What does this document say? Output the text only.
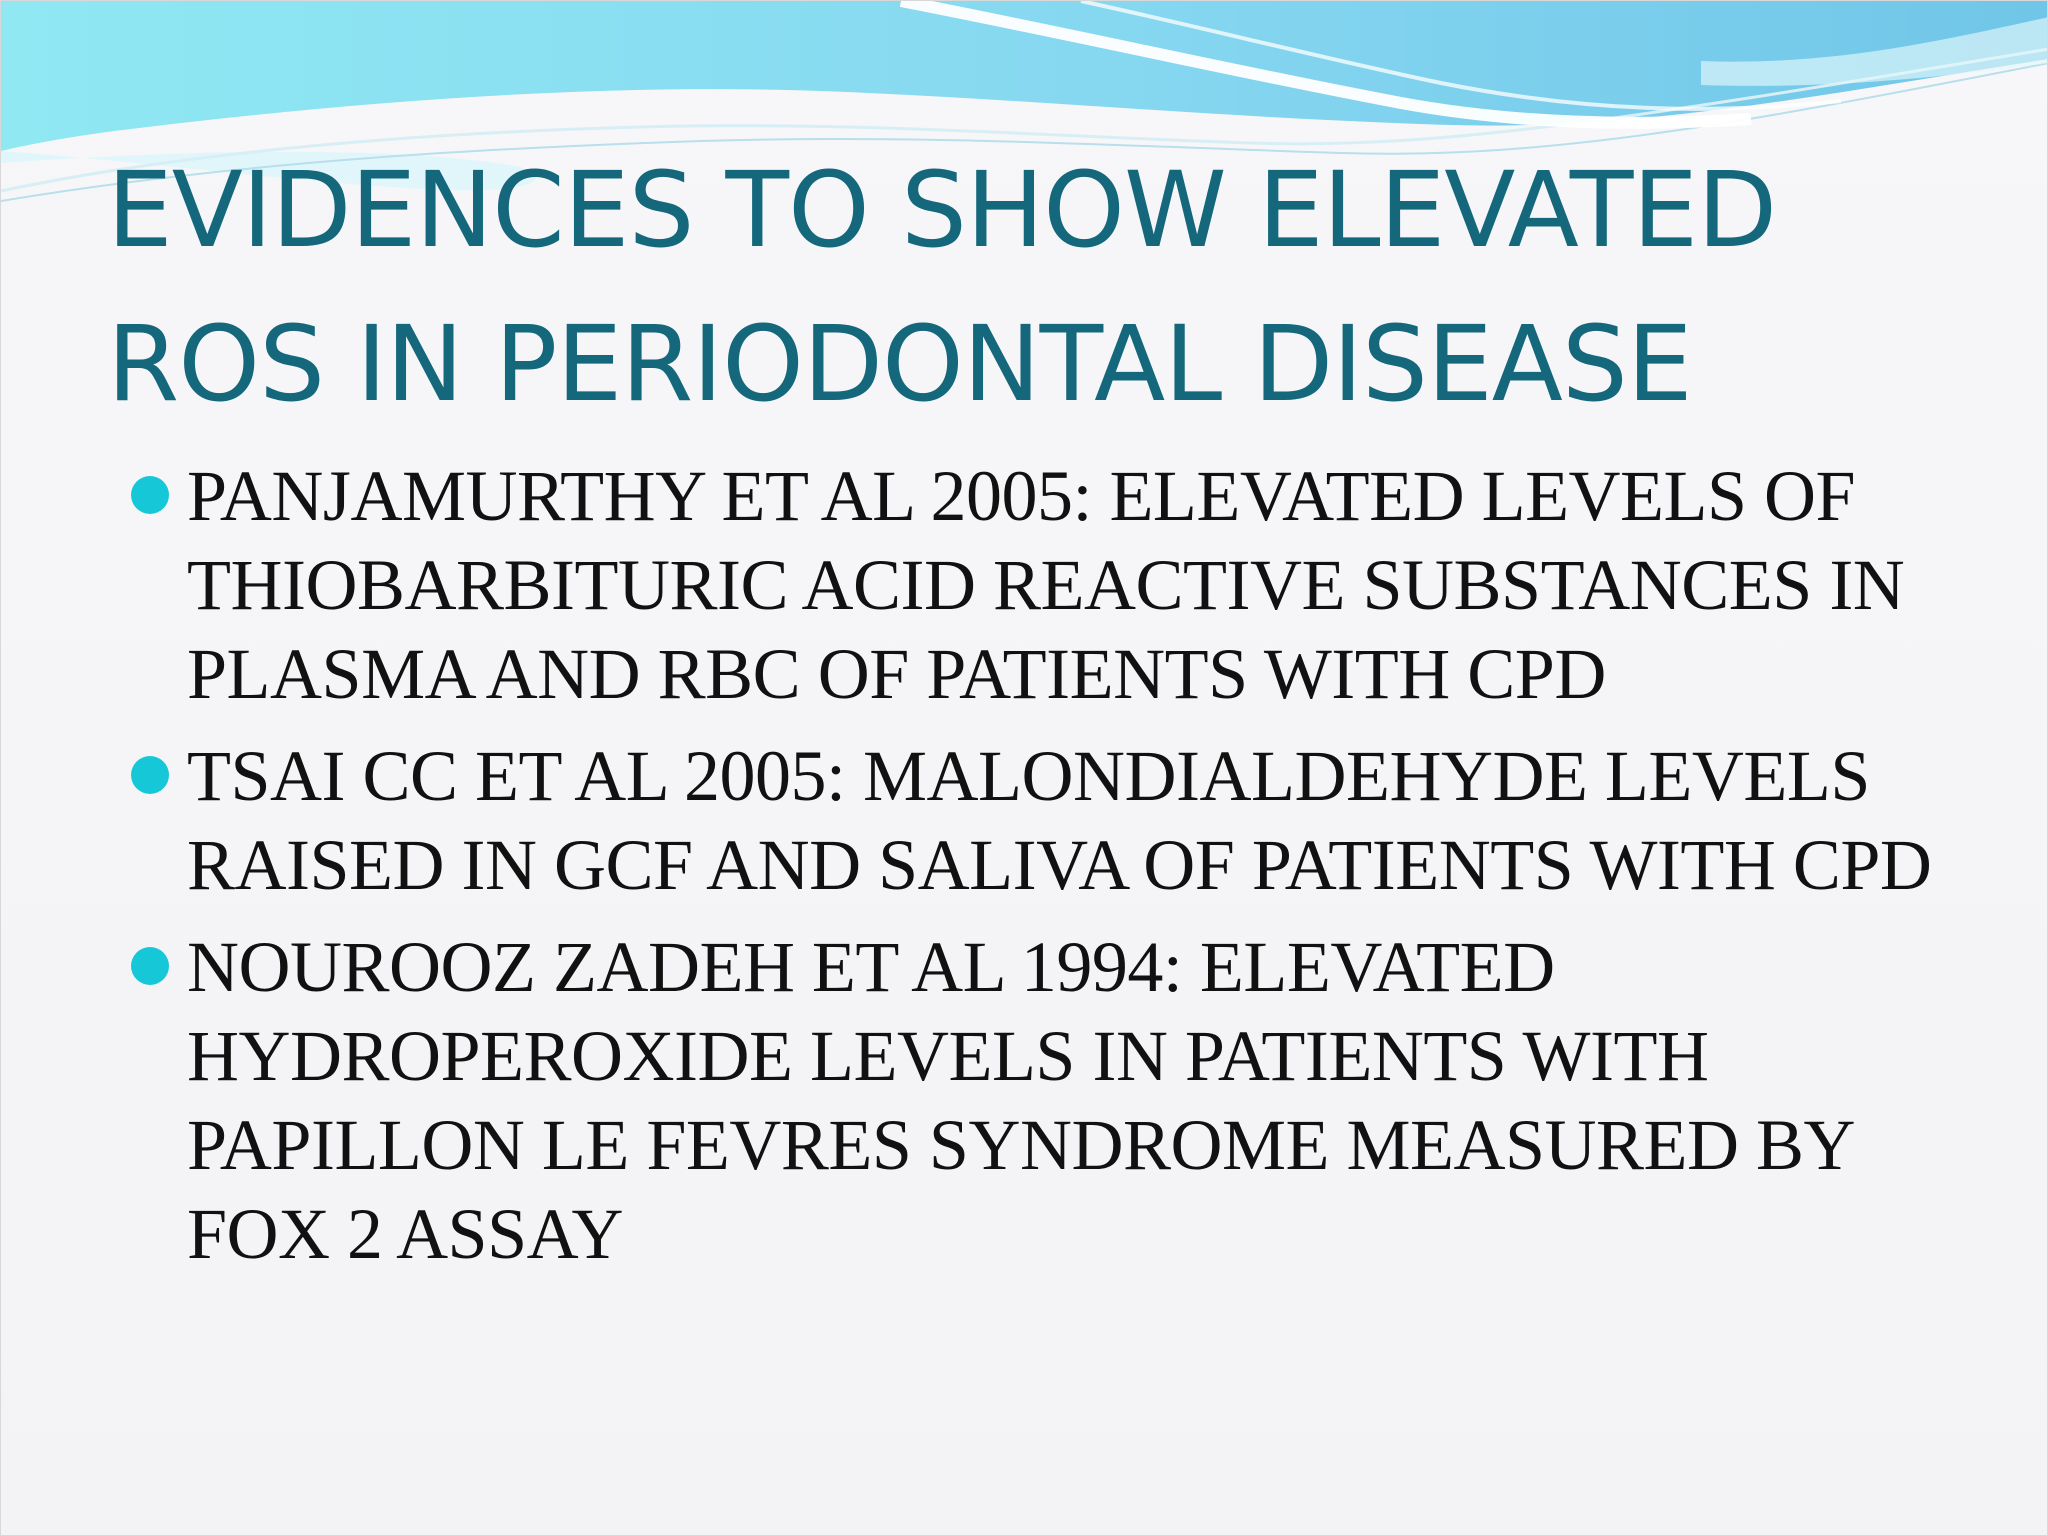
EVIDENCES TO SHOW ELEVATED ROS IN PERIODONTAL DISEASE
PANJAMURTHY ET AL 2005: ELEVATED LEVELS OF THIOBARBITURIC ACID REACTIVE SUBSTANCES IN PLASMA AND RBC OF PATIENTS WITH CPD
TSAI CC ET AL 2005: MALONDIALDEHYDE LEVELS RAISED IN GCF AND SALIVA OF PATIENTS WITH CPD
NOUROOZ ZADEH ET AL 1994: ELEVATED HYDROPEROXIDE LEVELS IN PATIENTS WITH PAPILLON LE FEVRES SYNDROME MEASURED BY FOX 2 ASSAY
